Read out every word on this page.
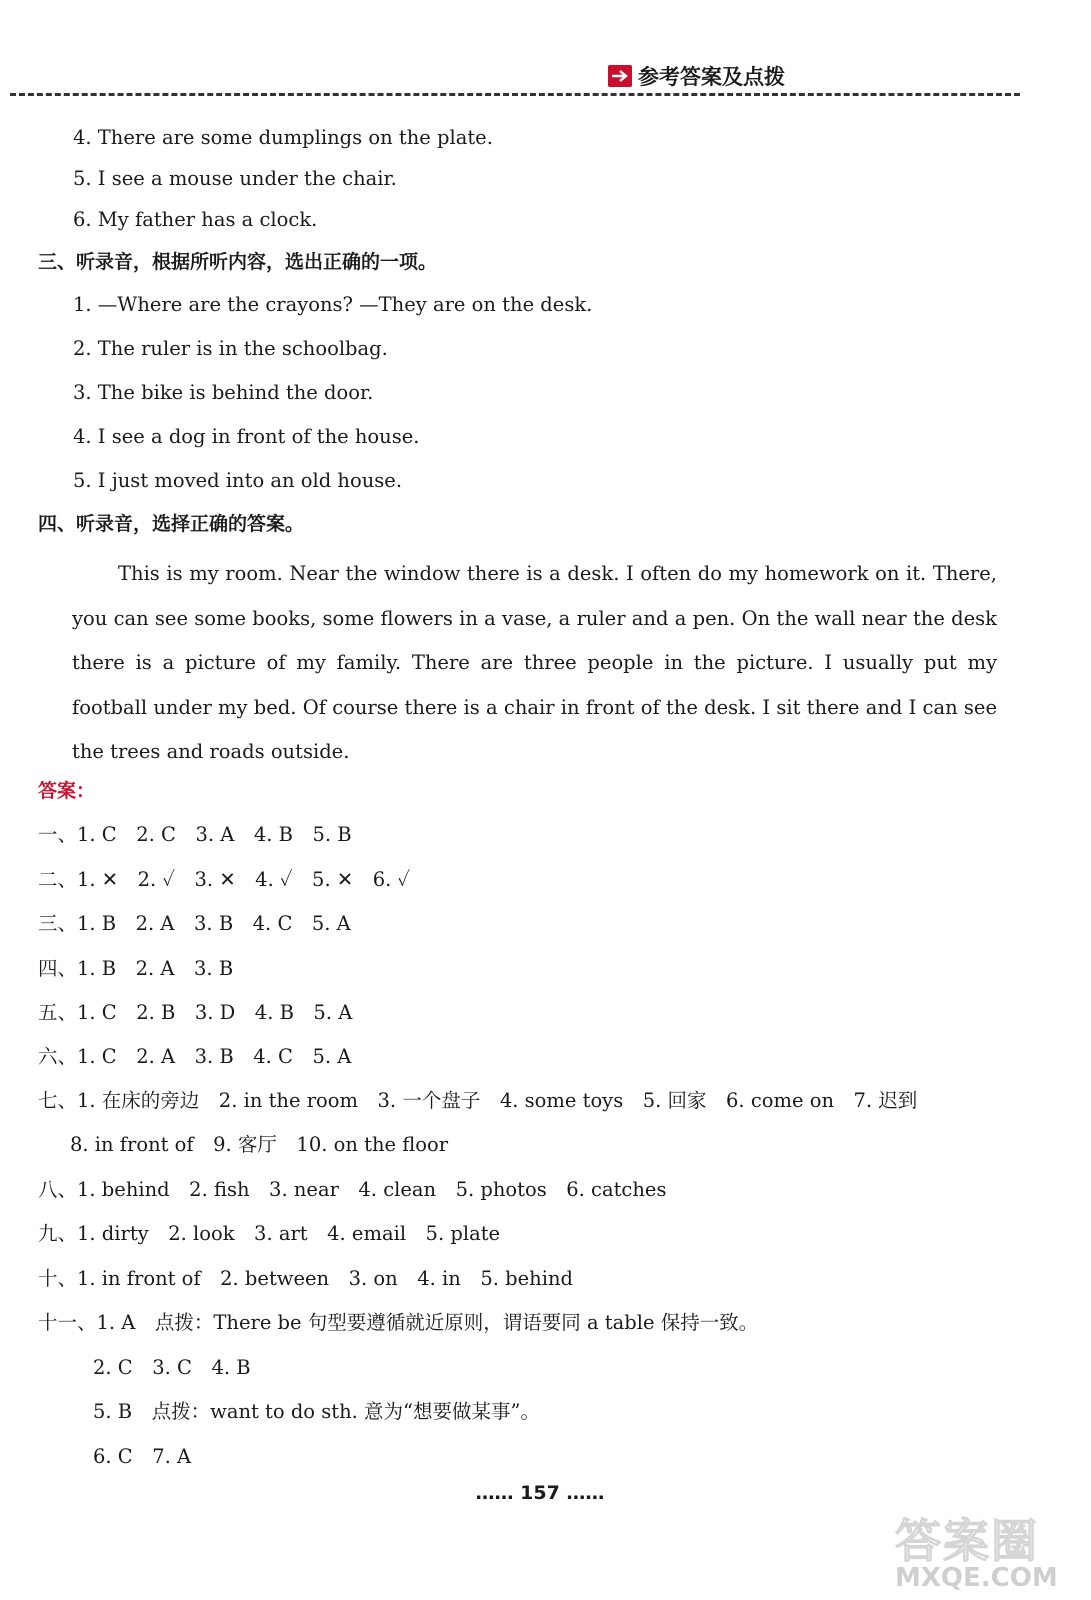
参考答案及点拨
4. There are some dumplings on the plate.
5. I see a mouse under the chair.
6. My father has a clock.
三、听录音，根据所听内容，选出正确的一项。
1. —Where are the crayons? —They are on the desk.
2. The ruler is in the schoolbag.
3. The bike is behind the door.
4. I see a dog in front of the house.
5. I just moved into an old house.
四、听录音，选择正确的答案。

This is my room. Near the window there is a desk. I often do my homework on it. There, you can see some books, some flowers in a vase, a ruler and a pen. On the wall near the desk there is a picture of my family. There are three people in the picture. I usually put my football under my bed. Of course there is a chair in front of the desk. I sit there and I can see the trees and roads outside.

答案：
一、1. C　2. C　3. A　4. B　5. B
二、1. ✕　2. ✓　3. ✕　4. ✓　5. ✕　6. ✓
三、1. B　2. A　3. B　4. C　5. A
四、1. B　2. A　3. B
五、1. C　2. B　3. D　4. B　5. A
六、1. C　2. A　3. B　4. C　5. A
七、1. 在床的旁边　2. in the room　3. 一个盘子　4. some toys　5. 回家　6. come on　7. 迟到
8. in front of　9. 客厅　10. on the floor
八、1. behind　2. fish　3. near　4. clean　5. photos　6. catches
九、1. dirty　2. look　3. art　4. email　5. plate
十、1. in front of　2. between　3. on　4. in　5. behind
十一、1. A　点拨：There be 句型要遵循就近原则，谓语要同 a table 保持一致。
2. C　3. C　4. B
5. B　点拨：want to do sth. 意为“想要做某事”。
6. C　7. A
…… 157 ……
答案圈
MXQE.COM
